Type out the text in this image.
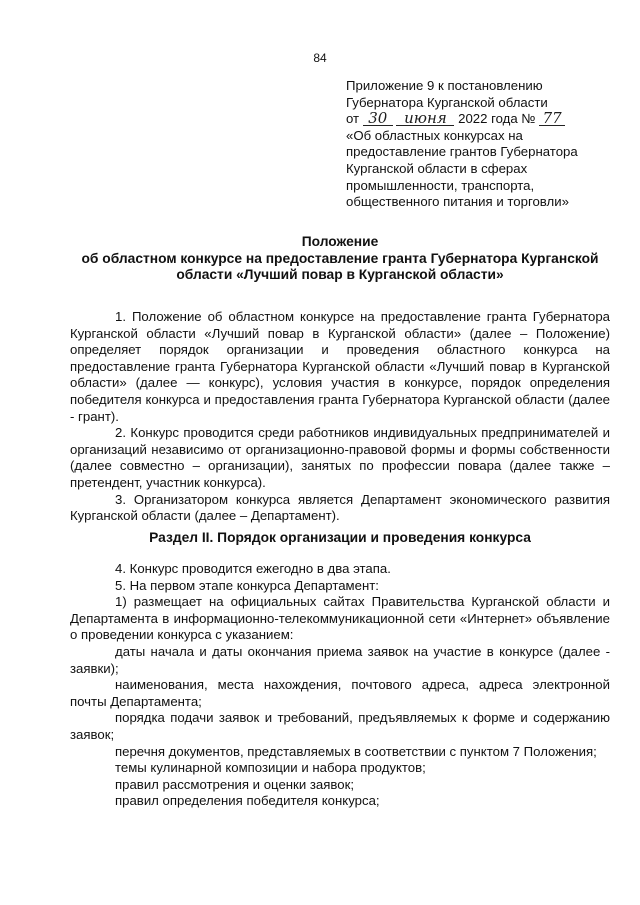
84
Приложение 9 к постановлению
Губернатора Курганской области
от 30 июня 2022 года № 77
«Об областных конкурсах на
предоставление грантов Губернатора
Курганской области в сферах
промышленности, транспорта,
общественного питания и торговли»
Положение
об областном конкурсе на предоставление гранта Губернатора Курганской
области «Лучший повар в Курганской области»

1. Положение об областном конкурсе на предоставление гранта Губернатора Курганской области «Лучший повар в Курганской области» (далее – Положение) определяет порядок организации и проведения областного конкурса на предоставление гранта Губернатора Курганской области «Лучший повар в Курганской области» (далее — конкурс), условия участия в конкурсе, порядок определения победителя конкурса и предоставления гранта Губернатора Курганской области (далее - грант).

2. Конкурс проводится среди работников индивидуальных предпринимателей и организаций независимо от организационно-правовой формы и формы собственности (далее совместно – организации), занятых по профессии повара (далее также – претендент, участник конкурса).

3. Организатором конкурса является Департамент экономического развития Курганской области (далее – Департамент).

Раздел II. Порядок организации и проведения конкурса

4. Конкурс проводится ежегодно в два этапа.

5. На первом этапе конкурса Департамент:

1) размещает на официальных сайтах Правительства Курганской области и Департамента в информационно-телекоммуникационной сети «Интернет» объявление о проведении конкурса с указанием:

даты начала и даты окончания приема заявок на участие в конкурсе (далее - заявки);

наименования, места нахождения, почтового адреса, адреса электронной почты Департамента;

порядка подачи заявок и требований, предъявляемых к форме и содержанию заявок;

перечня документов, представляемых в соответствии с пунктом 7 Положения;

темы кулинарной композиции и набора продуктов;

правил рассмотрения и оценки заявок;

правил определения победителя конкурса;
